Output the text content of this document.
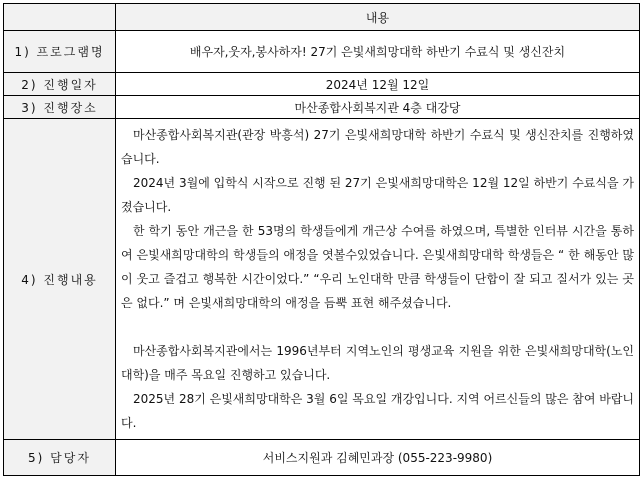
	내용
1) 프로그램명	배우자,웃자,봉사하자! 27기 은빛새희망대학 하반기 수료식 및 생신잔치
2) 진행일자	2024년 12월 12일
3) 진행장소	마산종합사회복지관 4층 대강당
4) 진행내용	마산종합사회복지관(관장 박흥석) 27기 은빛새희망대학 하반기 수료식 및 생신잔치를 진행하였습니다.

2024년 3월에 입학식 시작으로 진행 된 27기 은빛새희망대학은 12월 12일 하반기 수료식을 가졌습니다.

한 학기 동안 개근을 한 53명의 학생들에게 개근상 수여를 하였으며, 특별한 인터뷰 시간을 통하여 은빛새희망대학의 학생들의 애정을 엿볼수있었습니다. 은빛새희망대학 학생들은 “ 한 해동안 많이 웃고 즐겁고 행복한 시간이었다.” “우리 노인대학 만큼 학생들이 단합이 잘 되고 질서가 있는 곳은 없다.” 며 은빛새희망대학의 애정을 듬뿍 표현 해주셨습니다.

마산종합사회복지관에서는 1996년부터 지역노인의 평생교육 지원을 위한 은빛새희망대학(노인대학)을 매주 목요일 진행하고 있습니다.

2025년 28기 은빛새희망대학은 3월 6일 목요일 개강입니다. 지역 어르신들의 많은 참여 바랍니다.

5) 담당자	서비스지원과 김혜민과장 (055-223-9980)
